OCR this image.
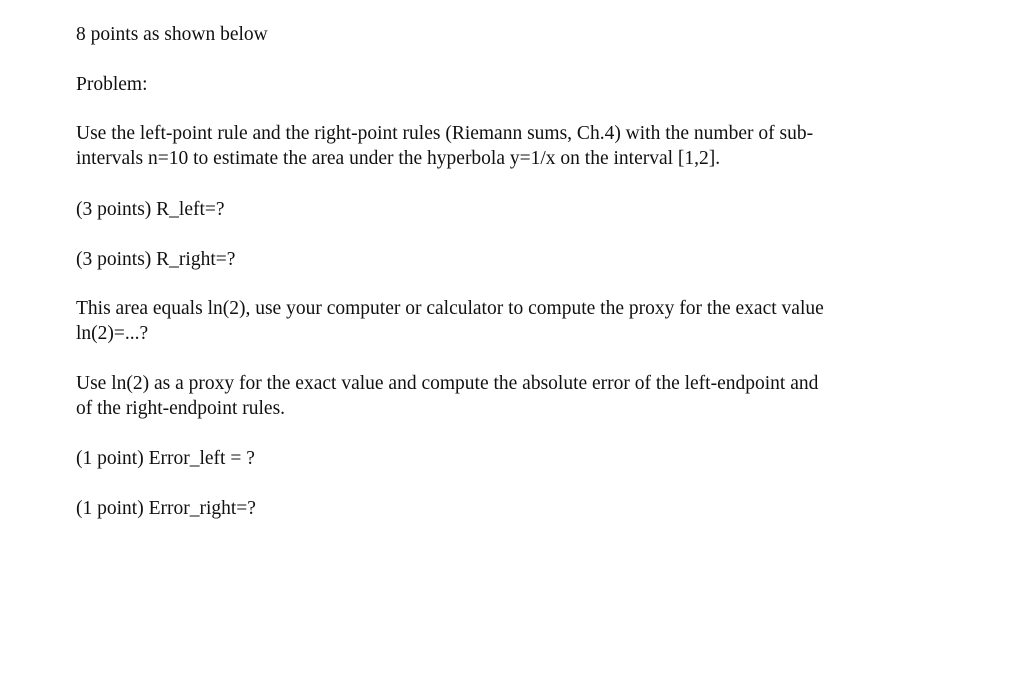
8 points as shown below

Problem:

Use the left-point rule and the right-point rules (Riemann sums, Ch.4) with the number of sub-
intervals n=10 to estimate the area under the hyperbola y=1/x on the interval [1,2].

(3 points) R_left=?

(3 points) R_right=?

This area equals ln(2), use your computer or calculator to compute the proxy for the exact value
ln(2)=...?
Use ln(2) as a proxy for the exact value and compute the absolute error of the left-endpoint and
of the right-endpoint rules.

(1 point) Error_left = ?

(1 point) Error_right=?
